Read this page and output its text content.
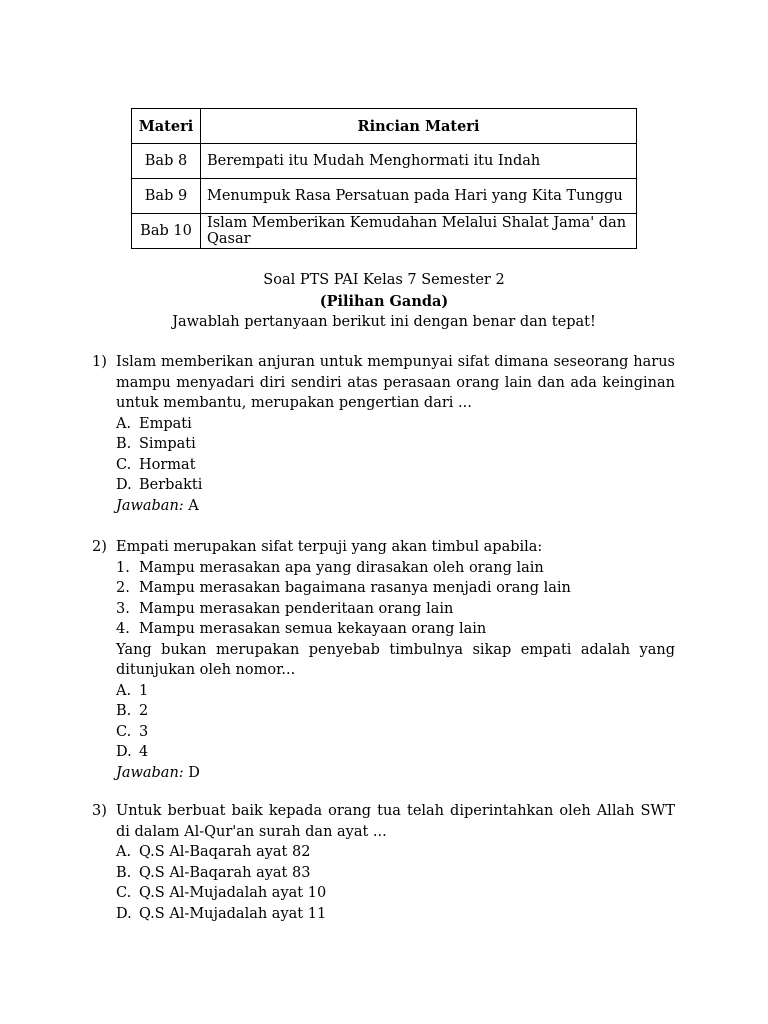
Materi	Rincian Materi
Bab 8	Berempati itu Mudah Menghormati itu Indah
Bab 9	Menumpuk Rasa Persatuan pada Hari yang Kita Tunggu
Bab 10	Islam Memberikan Kemudahan Melalui Shalat Jama' dan Qasar
Soal PTS PAI Kelas 7 Semester 2
(Pilihan Ganda)
Jawablah pertanyaan berikut ini dengan benar dan tepat!
1) Islam memberikan anjuran untuk mempunyai sifat dimana seseorang harus mampu menyadari diri sendiri atas perasaan orang lain dan ada keinginan untuk membantu, merupakan pengertian dari ...
A. Empati
B. Simpati
C. Hormat
D. Berbakti
Jawaban: A
2) Empati merupakan sifat terpuji yang akan timbul apabila:
1. Mampu merasakan apa yang dirasakan oleh orang lain
2. Mampu merasakan bagaimana rasanya menjadi orang lain
3. Mampu merasakan penderitaan orang lain
4. Mampu merasakan semua kekayaan orang lain
Yang bukan merupakan penyebab timbulnya sikap empati adalah yang ditunjukan oleh nomor...
A. 1
B. 2
C. 3
D. 4
Jawaban: D
3) Untuk berbuat baik kepada orang tua telah diperintahkan oleh Allah SWT di dalam Al-Qur'an surah dan ayat ...
A. Q.S Al-Baqarah ayat 82
B. Q.S Al-Baqarah ayat 83
C. Q.S Al-Mujadalah ayat 10
D. Q.S Al-Mujadalah ayat 11
